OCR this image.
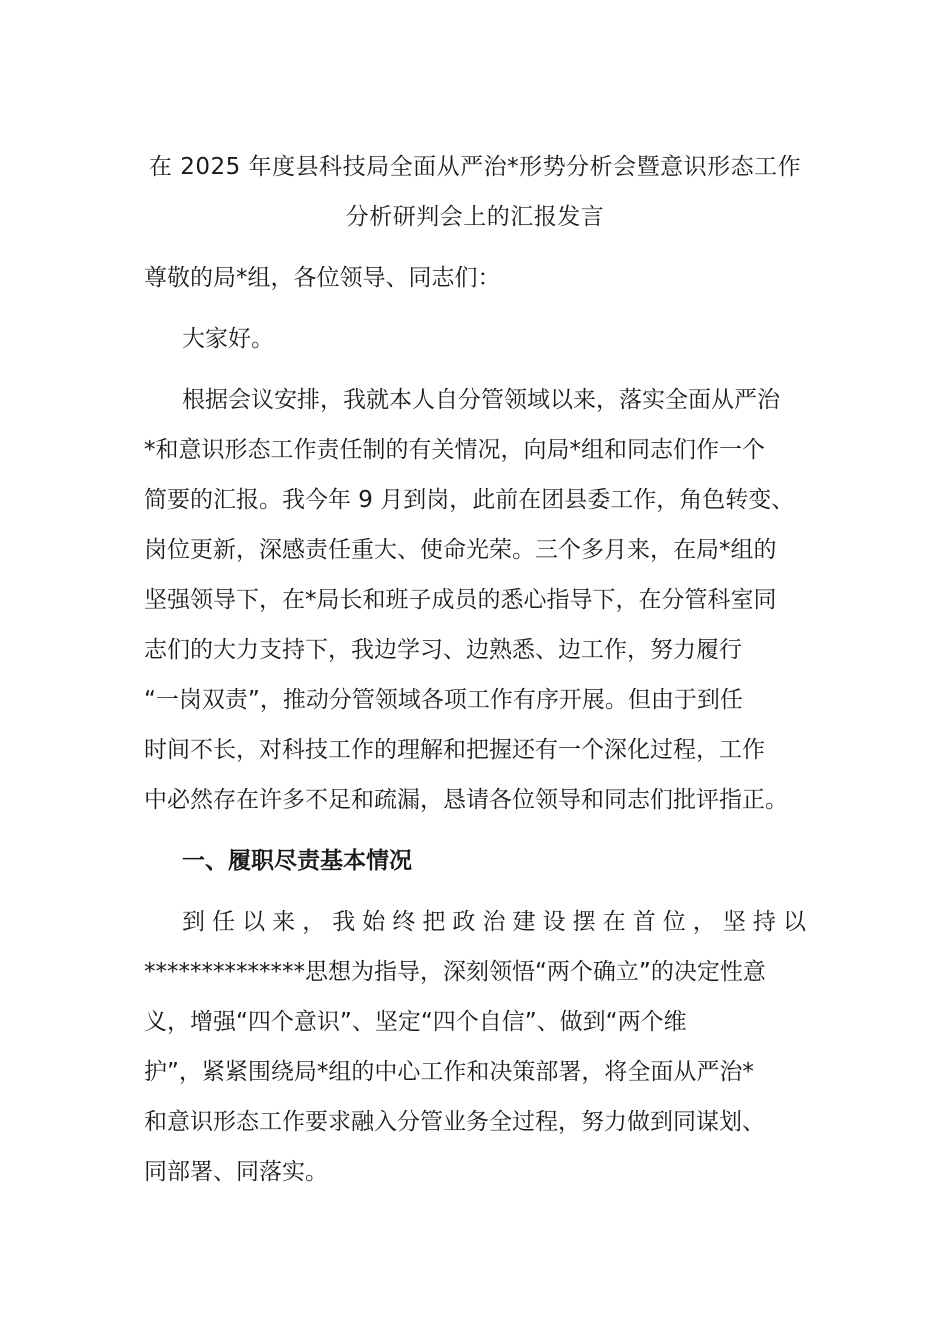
在 2025 年度县科技局全面从严治*形势分析会暨意识形态工作
分析研判会上的汇报发言
尊敬的局*组，各位领导、同志们：
大家好。
根据会议安排，我就本人自分管领域以来，落实全面从严治
*和意识形态工作责任制的有关情况，向局*组和同志们作一个
简要的汇报。我今年 9 月到岗，此前在团县委工作，角色转变、
岗位更新，深感责任重大、使命光荣。三个多月来，在局*组的
坚强领导下，在*局长和班子成员的悉心指导下，在分管科室同
志们的大力支持下，我边学习、边熟悉、边工作，努力履行
“一岗双责”，推动分管领域各项工作有序开展。但由于到任
时间不长，对科技工作的理解和把握还有一个深化过程，工作
中必然存在许多不足和疏漏，恳请各位领导和同志们批评指正。
一、履职尽责基本情况
到 任 以 来 ， 我 始 终 把 政 治 建 设 摆 在 首 位 ， 坚 持 以
**************思想为指导，深刻领悟“两个确立”的决定性意
义，增强“四个意识”、坚定“四个自信”、做到“两个维
护”，紧紧围绕局*组的中心工作和决策部署，将全面从严治*
和意识形态工作要求融入分管业务全过程，努力做到同谋划、
同部署、同落实。
